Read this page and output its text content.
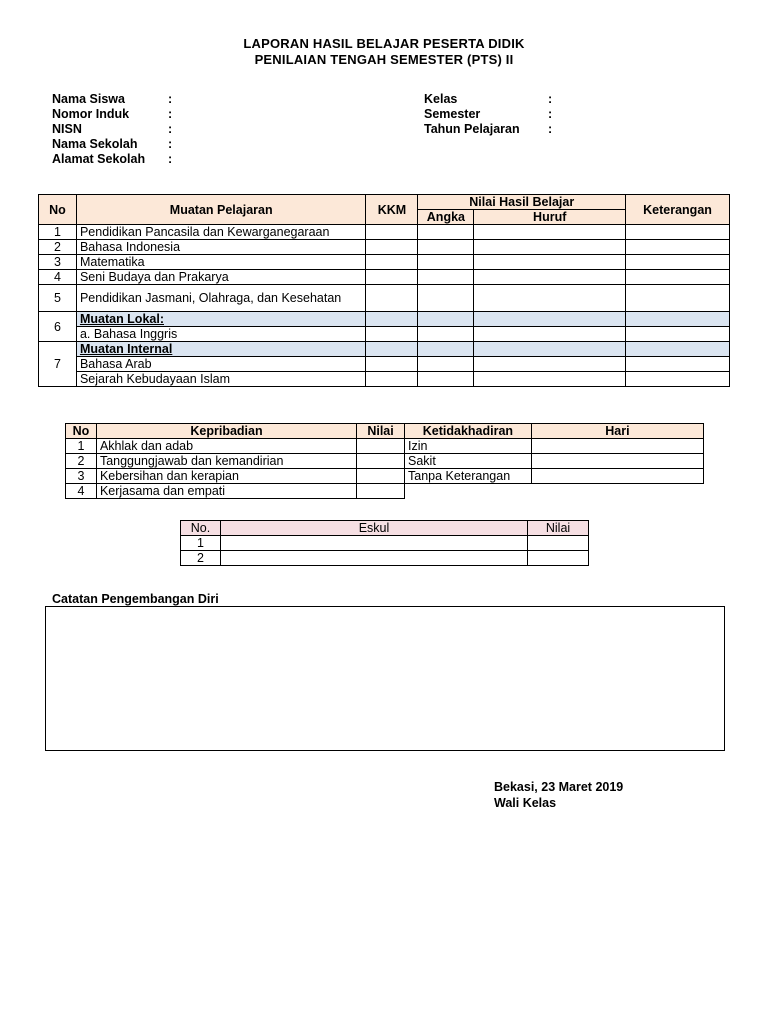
LAPORAN HASIL BELAJAR PESERTA DIDIK
PENILAIAN TENGAH SEMESTER (PTS) II
Nama Siswa	:
Nomor Induk	:
NISN	:
Nama Sekolah :
Alamat Sekolah :
Kelas	:
Semester	:
Tahun Pelajaran :
No	Muatan Pelajaran	KKM	Nilai Hasil Belajar		Keterangan
			Angka	Huruf	
1	Pendidikan Pancasila dan Kewarganegaraan				
2	Bahasa Indonesia				
3	Matematika				
4	Seni Budaya dan Prakarya				
5	Pendidikan Jasmani, Olahraga, dan Kesehatan				
6	Muatan Lokal:				
	a. Bahasa Inggris				
7	Muatan Internal				
	Bahasa Arab				
	Sejarah Kebudayaan Islam				
No	Kepribadian	Nilai
1	Akhlak dan adab	
2	Tanggungjawab dan kemandirian	
3	Kebersihan dan kerapian	
4	Kerjasama dan empati	
Ketidakhadiran	Hari
Izin	
Sakit	
Tanpa Keterangan	
No.	Eskul	Nilai
1		
2		
Catatan Pengembangan Diri
Bekasi, 23 Maret 2019
Wali Kelas
